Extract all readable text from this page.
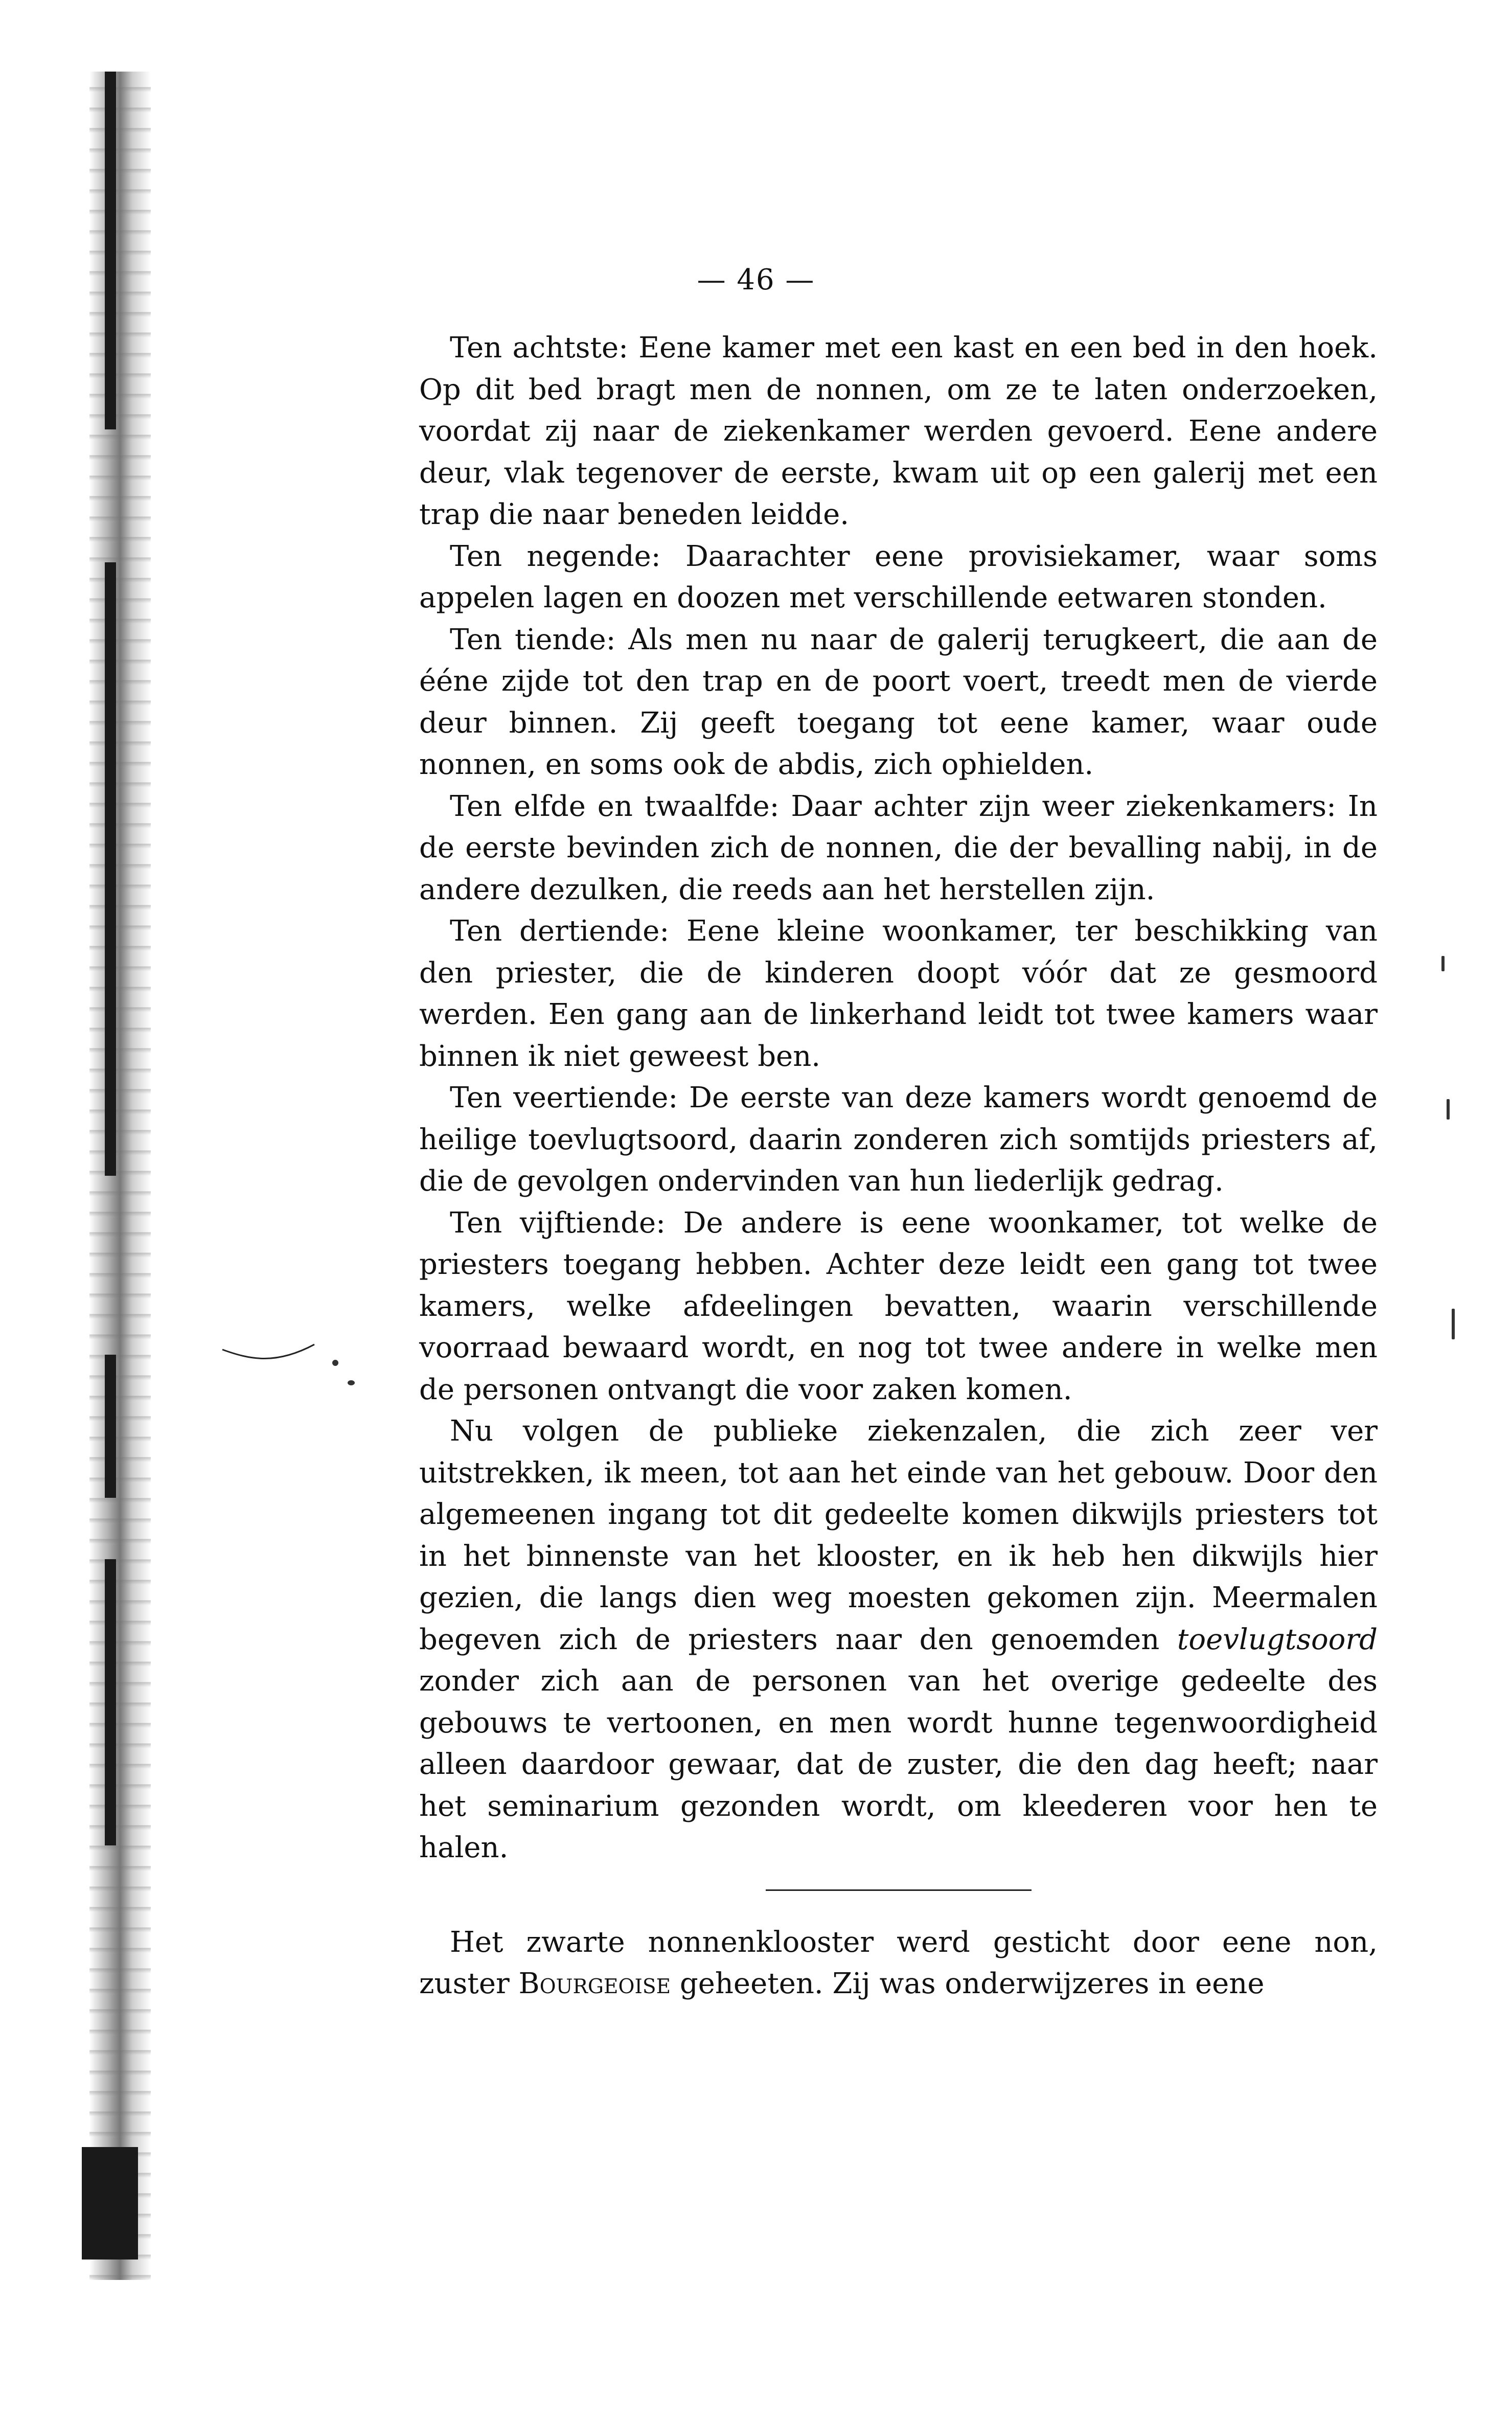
— 46 —

Ten achtste: Eene kamer met een kast en een bed in den hoek. Op dit bed bragt men de nonnen, om ze te laten onderzoeken, voordat zij naar de ziekenkamer werden gevoerd. Eene andere deur, vlak tegenover de eerste, kwam uit op een galerij met een trap die naar beneden leidde.

Ten negende: Daarachter eene provisiekamer, waar soms appelen lagen en doozen met verschillende eetwaren stonden.

Ten tiende: Als men nu naar de galerij terugkeert, die aan de ééne zijde tot den trap en de poort voert, treedt men de vierde deur binnen. Zij geeft toegang tot eene kamer, waar oude nonnen, en soms ook de abdis, zich ophielden.

Ten elfde en twaalfde: Daar achter zijn weer ziekenkamers: In de eerste bevinden zich de nonnen, die der bevalling nabij, in de andere dezulken, die reeds aan het herstellen zijn.

Ten dertiende: Eene kleine woonkamer, ter beschikking van den priester, die de kinderen doopt vóór dat ze gesmoord werden. Een gang aan de linkerhand leidt tot twee kamers waar binnen ik niet geweest ben.

Ten veertiende: De eerste van deze kamers wordt genoemd de heilige toevlugtsoord, daarin zonderen zich somtijds priesters af, die de gevolgen ondervinden van hun liederlijk gedrag.

Ten vijftiende: De andere is eene woonkamer, tot welke de priesters toegang hebben. Achter deze leidt een gang tot twee kamers, welke afdeelingen bevatten, waarin verschillende voorraad bewaard wordt, en nog tot twee andere in welke men de personen ontvangt die voor zaken komen.

Nu volgen de publieke ziekenzalen, die zich zeer ver uitstrekken, ik meen, tot aan het einde van het gebouw. Door den algemeenen ingang tot dit gedeelte komen dikwijls priesters tot in het binnenste van het klooster, en ik heb hen dikwijls hier gezien, die langs dien weg moesten gekomen zijn. Meermalen begeven zich de priesters naar den genoemden toevlugtsoord zonder zich aan de personen van het overige gedeelte des gebouws te vertoonen, en men wordt hunne tegenwoordigheid alleen daardoor gewaar, dat de zuster, die den dag heeft; naar het seminarium gezonden wordt, om kleederen voor hen te halen.

Het zwarte nonnenklooster werd gesticht door eene non, zuster Bourgeoise geheeten. Zij was onderwijzeres in eene
